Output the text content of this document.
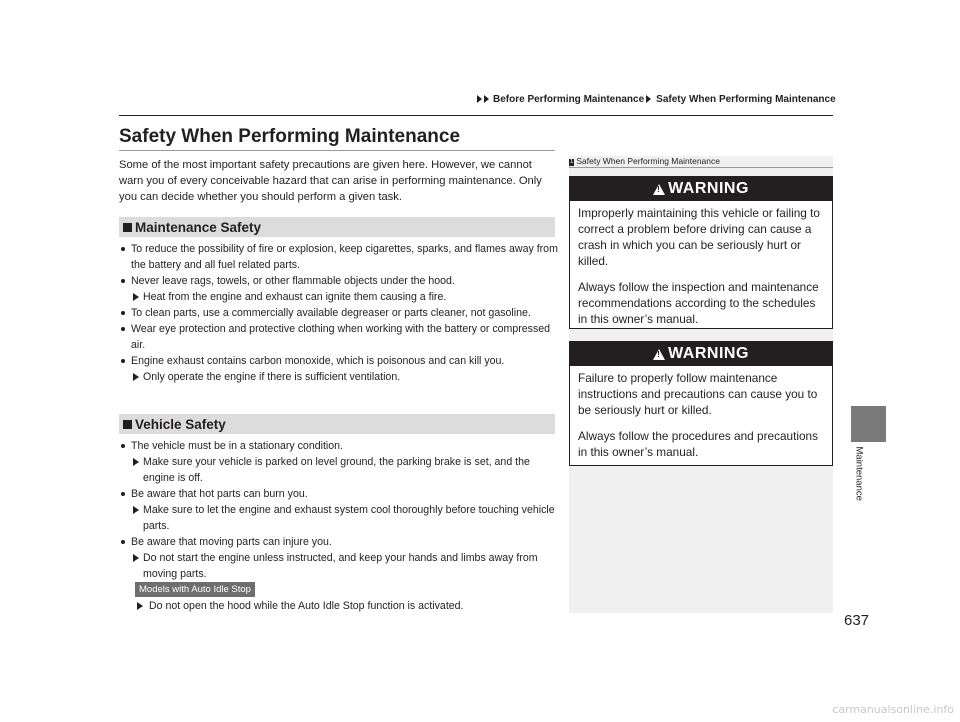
Before Performing Maintenance Safety When Performing Maintenance
Safety When Performing Maintenance

Some of the most important safety precautions are given here. However, we cannot warn you of every conceivable hazard that can arise in performing maintenance. Only you can decide whether you should perform a given task.

Maintenance Safety
To reduce the possibility of fire or explosion, keep cigarettes, sparks, and flames away from the battery and all fuel related parts.
Never leave rags, towels, or other flammable objects under the hood.
Heat from the engine and exhaust can ignite them causing a fire.
To clean parts, use a commercially available degreaser or parts cleaner, not gasoline.
Wear eye protection and protective clothing when working with the battery or compressed air.
Engine exhaust contains carbon monoxide, which is poisonous and can kill you.
Only operate the engine if there is sufficient ventilation.
Vehicle Safety
The vehicle must be in a stationary condition.
Make sure your vehicle is parked on level ground, the parking brake is set, and the engine is off.
Be aware that hot parts can burn you.
Make sure to let the engine and exhaust system cool thoroughly before touching vehicle parts.
Be aware that moving parts can injure you.
Do not start the engine unless instructed, and keep your hands and limbs away from moving parts.
Models with Auto Idle Stop
Do not open the hood while the Auto Idle Stop function is activated.
1 Safety When Performing Maintenance
!
WARNING

Improperly maintaining this vehicle or failing to correct a problem before driving can cause a crash in which you can be seriously hurt or killed.

Always follow the inspection and maintenance recommendations according to the schedules in this owner’s manual.

!
WARNING

Failure to properly follow maintenance instructions and precautions can cause you to be seriously hurt or killed.

Always follow the procedures and precautions in this owner’s manual.	Maintenance
637
carmanualsonline.info
